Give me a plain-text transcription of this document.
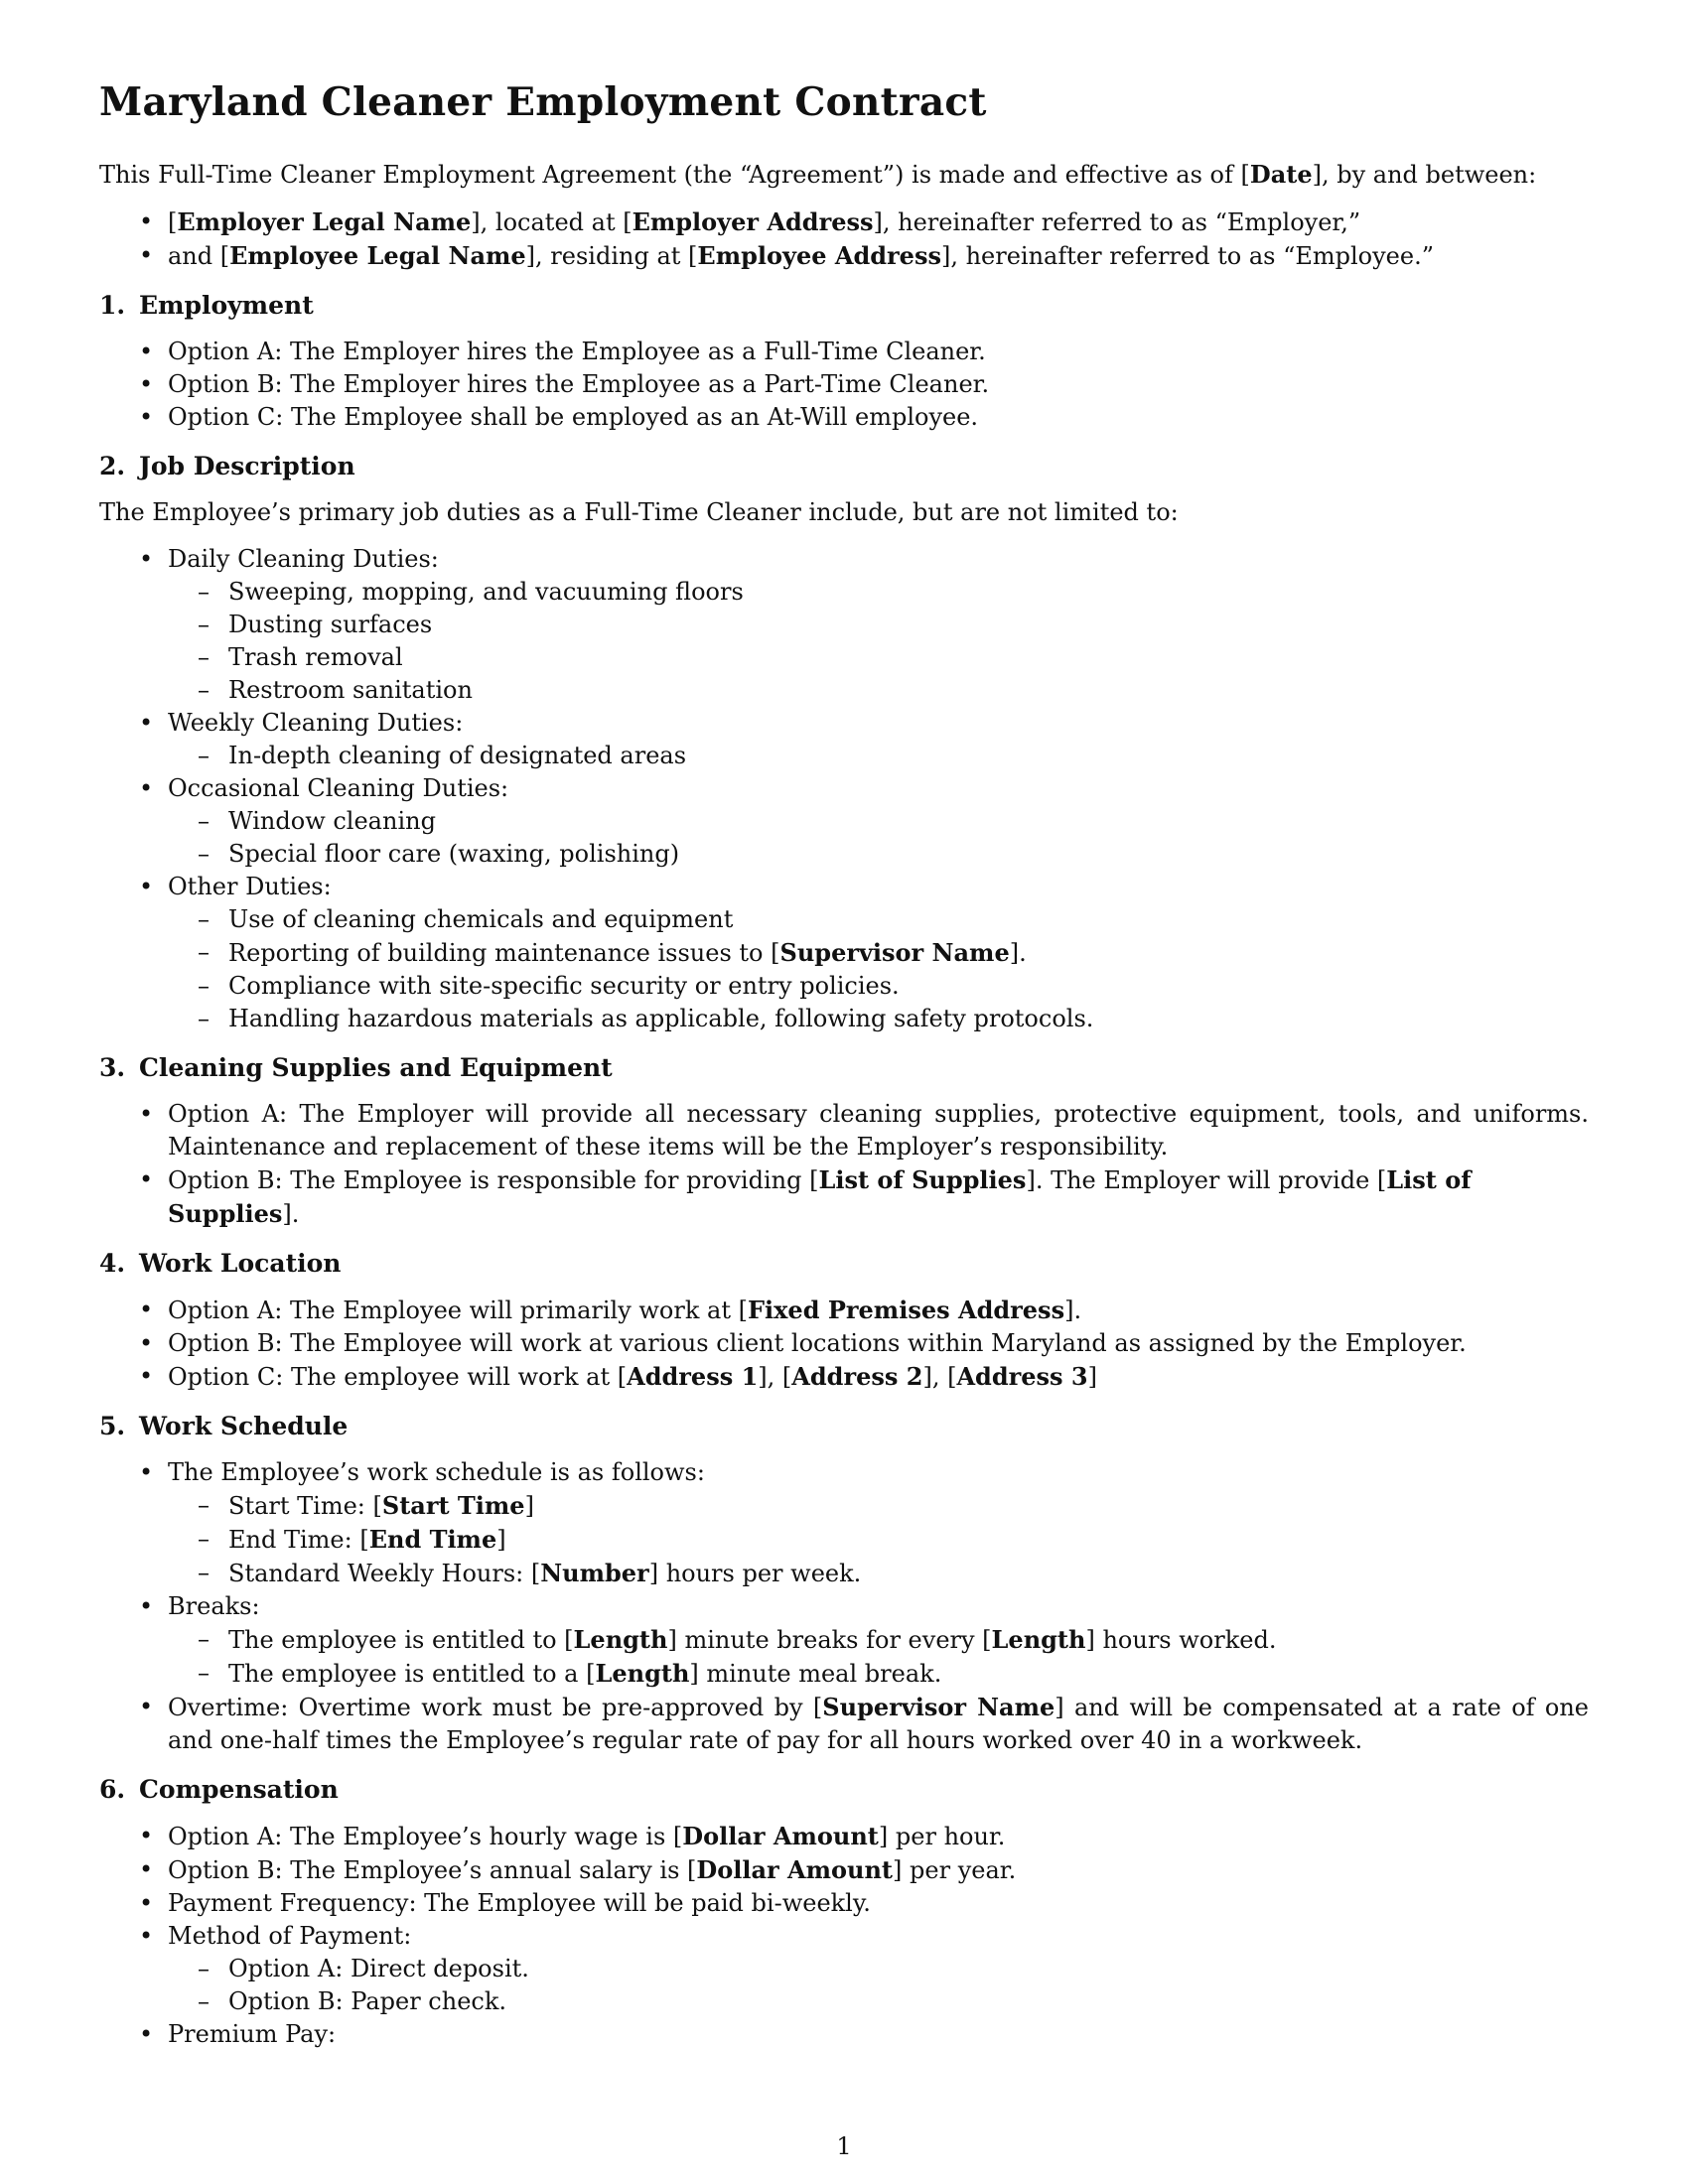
Maryland Cleaner Employment Contract
This Full-Time Cleaner Employment Agreement (the “Agreement”) is made and effective as of [Date], by and between:
• [Employer Legal Name], located at [Employer Address], hereinafter referred to as “Employer,”
• and [Employee Legal Name], residing at [Employee Address], hereinafter referred to as “Employee.”
1. Employment
• Option A: The Employer hires the Employee as a Full-Time Cleaner.
• Option B: The Employer hires the Employee as a Part-Time Cleaner.
• Option C: The Employee shall be employed as an At-Will employee.
2. Job Description
The Employee’s primary job duties as a Full-Time Cleaner include, but are not limited to:
• Daily Cleaning Duties:
– Sweeping, mopping, and vacuuming floors
– Dusting surfaces
– Trash removal
– Restroom sanitation
• Weekly Cleaning Duties:
– In-depth cleaning of designated areas
• Occasional Cleaning Duties:
– Window cleaning
– Special floor care (waxing, polishing)
• Other Duties:
– Use of cleaning chemicals and equipment
– Reporting of building maintenance issues to [Supervisor Name].
– Compliance with site-specific security or entry policies.
– Handling hazardous materials as applicable, following safety protocols.
3. Cleaning Supplies and Equipment
• Option A: The Employer will provide all necessary cleaning supplies, protective equipment, tools, and uniforms. Maintenance and replacement of these items will be the Employer’s responsibility.
• Option B: The Employee is responsible for providing [List of Supplies]. The Employer will provide [List of Supplies].
4. Work Location
• Option A: The Employee will primarily work at [Fixed Premises Address].
• Option B: The Employee will work at various client locations within Maryland as assigned by the Employer.
• Option C: The employee will work at [Address 1], [Address 2], [Address 3]
5. Work Schedule
• The Employee’s work schedule is as follows:
– Start Time: [Start Time]
– End Time: [End Time]
– Standard Weekly Hours: [Number] hours per week.
• Breaks:
– The employee is entitled to [Length] minute breaks for every [Length] hours worked.
– The employee is entitled to a [Length] minute meal break.
• Overtime: Overtime work must be pre-approved by [Supervisor Name] and will be compensated at a rate of one and one-half times the Employee’s regular rate of pay for all hours worked over 40 in a workweek.
6. Compensation
• Option A: The Employee’s hourly wage is [Dollar Amount] per hour.
• Option B: The Employee’s annual salary is [Dollar Amount] per year.
• Payment Frequency: The Employee will be paid bi-weekly.
• Method of Payment:
– Option A: Direct deposit.
– Option B: Paper check.
• Premium Pay:
1
